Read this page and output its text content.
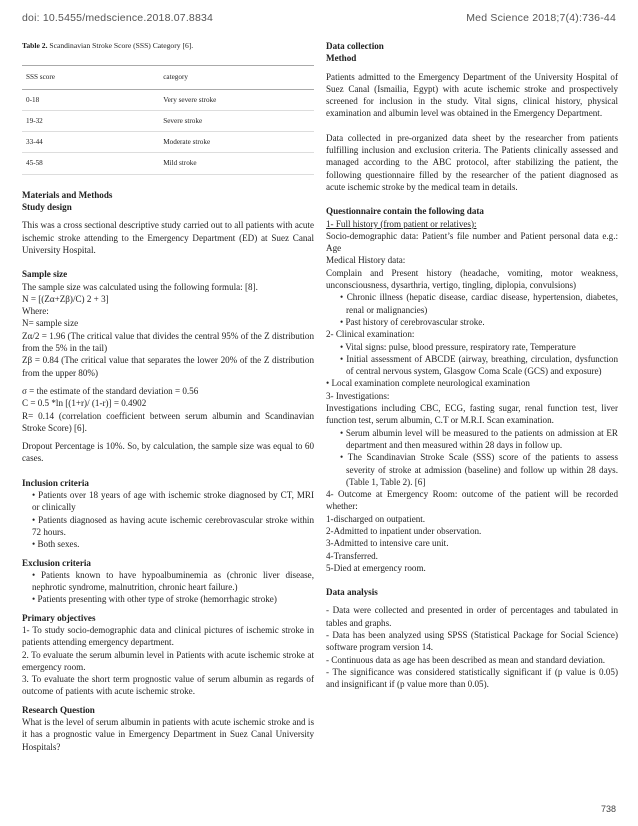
doi: 10.5455/medscience.2018.07.8834	Med Science 2018;7(4):736-44
Table 2. Scandinavian Stroke Score (SSS) Category [6].
SSS score	category
0-18	Very severe stroke
19-32	Severe stroke
33-44	Moderate stroke
45-58	Mild stroke
Materials and Methods
Study design

This was a cross sectional descriptive study carried out to all patients with acute ischemic stroke attending to the Emergency Department (ED) at Suez Canal University Hospital.

Sample size
The sample size was calculated using the following formula: [8].
N = [(Zα+Zβ)/C) 2 + 3]
Where:
N= sample size
Zα/2 = 1.96 (The critical value that divides the central 95% of the Z distribution from the 5% in the tail)
Zβ = 0.84 (The critical value that separates the lower 20% of the Z distribution from the upper 80%)
σ = the estimate of the standard deviation = 0.56
C = 0.5 *ln [(1+r)/ (1-r)] = 0.4902
R= 0.14 (correlation coefficient between serum albumin and Scandinavian Stroke Score) [6].

Dropout Percentage is 10%. So, by calculation, the sample size was equal to 60 cases.

Inclusion criteria
• Patients over 18 years of age with ischemic stroke diagnosed by CT, MRI or clinically
• Patients diagnosed as having acute ischemic cerebrovascular stroke within 72 hours.
• Both sexes.
Exclusion criteria
• Patients known to have hypoalbuminemia as (chronic liver disease, nephrotic syndrome, malnutrition, chronic heart failure.)
• Patients presenting with other type of stroke (hemorrhagic stroke)
Primary objectives
1- To study socio-demographic data and clinical pictures of ischemic stroke in patients attending emergency department.
2. To evaluate the serum albumin level in Patients with acute ischemic stroke at emergency room.
3. To evaluate the short term prognostic value of serum albumin as regards of outcome of patients with acute ischemic stroke.
Research Question
What is the level of serum albumin in patients with acute ischemic stroke and is it has a prognostic value in Emergency Department in Suez Canal University Hospitals?
Data collection
Method

Patients admitted to the Emergency Department of the University Hospital of Suez Canal (Ismailia, Egypt) with acute ischemic stroke and prospectively screened for inclusion in the study. Vital signs, clinical history, physical examination and albumin level was obtained in the Emergency Department.

Data collected in pre-organized data sheet by the researcher from patients fulfilling inclusion and exclusion criteria. The Patients clinically assessed and managed according to the ABC protocol, after stabilizing the patient, the following questionnaire filled by the researcher of the patient diagnosed as acute ischemic stroke by the medical team in details.

Questionnaire contain the following data
1- Full history (from patient or relatives):
Socio-demographic data: Patient’s file number and Patient personal data e.g.: Age
Medical History data:
Complain and Present history (headache, vomiting, motor weakness, unconsciousness, dysarthria, vertigo, tingling, diplopia, convulsions)
• Chronic illness (hepatic disease, cardiac disease, hypertension, diabetes, renal or malignancies)
• Past history of cerebrovascular stroke.
2- Clinical examination:
• Vital signs: pulse, blood pressure, respiratory rate, Temperature
• Initial assessment of ABCDE (airway, breathing, circulation, dysfunction of central nervous system, Glasgow Coma Scale (GCS) and exposure)
• Local examination complete neurological examination
3- Investigations:
Investigations including CBC, ECG, fasting sugar, renal function test, liver function test, serum albumin, C.T or M.R.I. Scan examination.
• Serum albumin level will be measured to the patients on admission at ER department and then measured within 28 days in follow up.
• The Scandinavian Stroke Scale (SSS) score of the patients to assess severity of stroke at admission (baseline) and follow up within 28 days. (Table 1, Table 2). [6]
4- Outcome at Emergency Room: outcome of the patient will be recorded whether:
1-discharged on outpatient.
2-Admitted to inpatient under observation.
3-Admitted to intensive care unit.
4-Transferred.
5-Died at emergency room.
Data analysis
- Data were collected and presented in order of percentages and tabulated in tables and graphs.
- Data has been analyzed using SPSS (Statistical Package for Social Science) software program version 14.
- Continuous data as age has been described as mean and standard deviation.
- The significance was considered statistically significant if (p value is 0.05) and insignificant if (p value more than 0.05).
738
